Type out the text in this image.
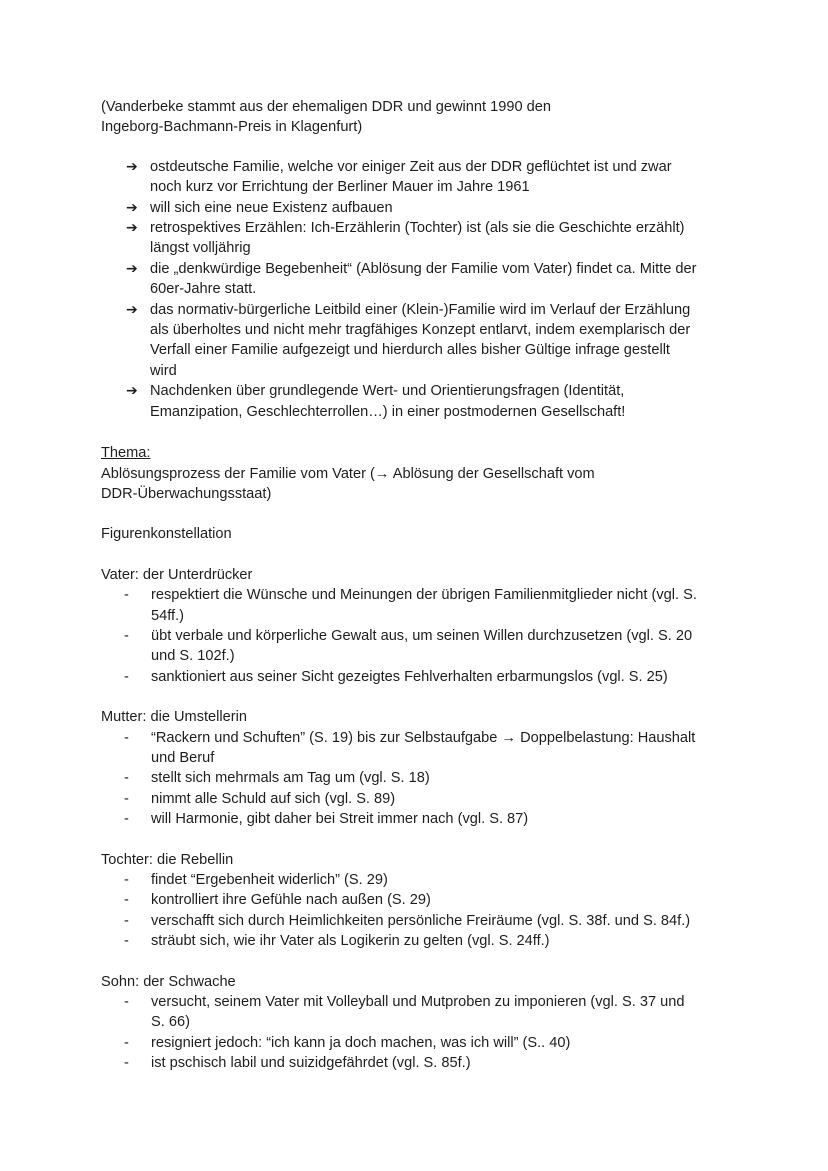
(Vanderbeke stammt aus der ehemaligen DDR und gewinnt 1990 den
Ingeborg-Bachmann-Preis in Klagenfurt)

➔ ostdeutsche Familie, welche vor einiger Zeit aus der DDR geflüchtet ist und zwar
noch kurz vor Errichtung der Berliner Mauer im Jahre 1961
➔ will sich eine neue Existenz aufbauen
➔ retrospektives Erzählen: Ich-Erzählerin (Tochter) ist (als sie die Geschichte erzählt)
längst volljährig
➔ die „denkwürdige Begebenheit“ (Ablösung der Familie vom Vater) findet ca. Mitte der
60er-Jahre statt.
➔ das normativ-bürgerliche Leitbild einer (Klein-)Familie wird im Verlauf der Erzählung
als überholtes und nicht mehr tragfähiges Konzept entlarvt, indem exemplarisch der
Verfall einer Familie aufgezeigt und hierdurch alles bisher Gültige infrage gestellt
wird
➔ Nachdenken über grundlegende Wert- und Orientierungsfragen (Identität,
Emanzipation, Geschlechterrollen…) in einer postmodernen Gesellschaft!

Thema:

Ablösungsprozess der Familie vom Vater (→ Ablösung der Gesellschaft vom
DDR-Überwachungsstaat)

Figurenkonstellation

Vater: der Unterdrücker

- respektiert die Wünsche und Meinungen der übrigen Familienmitglieder nicht (vgl. S.
54ff.)
- übt verbale und körperliche Gewalt aus, um seinen Willen durchzusetzen (vgl. S. 20
und S. 102f.)
- sanktioniert aus seiner Sicht gezeigtes Fehlverhalten erbarmungslos (vgl. S. 25)

Mutter: die Umstellerin

- “Rackern und Schuften” (S. 19) bis zur Selbstaufgabe → Doppelbelastung: Haushalt
und Beruf
- stellt sich mehrmals am Tag um (vgl. S. 18)
- nimmt alle Schuld auf sich (vgl. S. 89)
- will Harmonie, gibt daher bei Streit immer nach (vgl. S. 87)

Tochter: die Rebellin

- findet “Ergebenheit widerlich” (S. 29)
- kontrolliert ihre Gefühle nach außen (S. 29)
- verschafft sich durch Heimlichkeiten persönliche Freiräume (vgl. S. 38f. und S. 84f.)
- sträubt sich, wie ihr Vater als Logikerin zu gelten (vgl. S. 24ff.)

Sohn: der Schwache

- versucht, seinem Vater mit Volleyball und Mutproben zu imponieren (vgl. S. 37 und
S. 66)
- resigniert jedoch: “ich kann ja doch machen, was ich will” (S.. 40)
- ist pschisch labil und suizidgefährdet (vgl. S. 85f.)
